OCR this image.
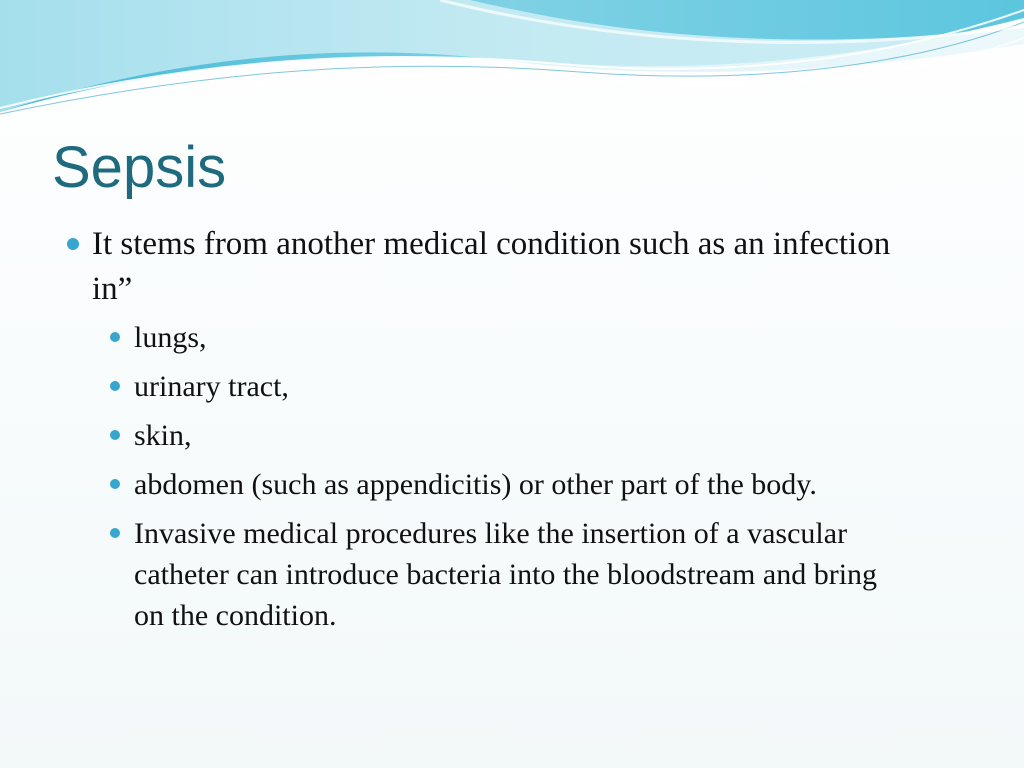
Sepsis
It stems from another medical condition such as an infection in”
lungs,
urinary tract,
skin,
abdomen (such as appendicitis) or other part of the body.
Invasive medical procedures like the insertion of a vascular catheter can introduce bacteria into the bloodstream and bring on the condition.
